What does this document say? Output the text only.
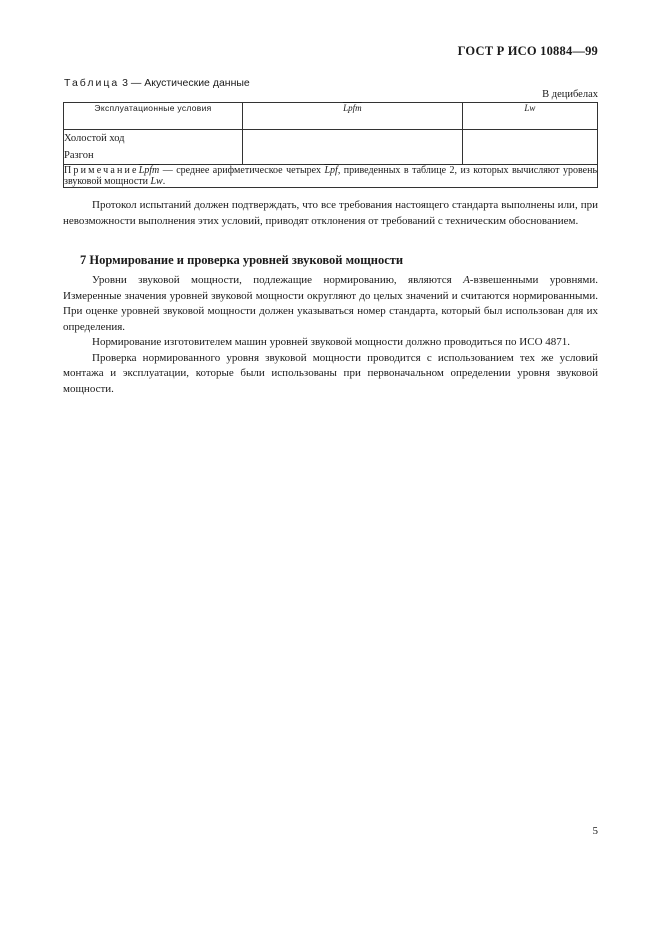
ГОСТ Р ИСО 10884—99
Таблица 3 — Акустические данные
В децибелах
Эксплуатационные условия	Lpfm	Lw

Холостой ход
Разгон		

ПримечаниеLpfm — среднее арифметическое четырех $\overline{Lpf}$, приведенных в таблице 2, из которых вычисляют уровень звуковой мощности Lw.		

Протокол испытаний должен подтверждать, что все требования настоящего стандарта выполнены или, при невозможности выполнения этих условий, приводят отклонения от требований с техническим обоснованием.

7 Нормирование и проверка уровней звуковой мощности

Уровни звуковой мощности, подлежащие нормированию, являются А-взвешенными уровнями. Измеренные значения уровней звуковой мощности округляют до целых значений и считаются нормированными. При оценке уровней звуковой мощности должен указываться номер стандарта, который был использован для их определения.

Нормирование изготовителем машин уровней звуковой мощности должно проводиться по ИСО 4871.

Проверка нормированного уровня звуковой мощности проводится с использованием тех же условий монтажа и эксплуатации, которые были использованы при первоначальном определении уровня звуковой мощности.

5
